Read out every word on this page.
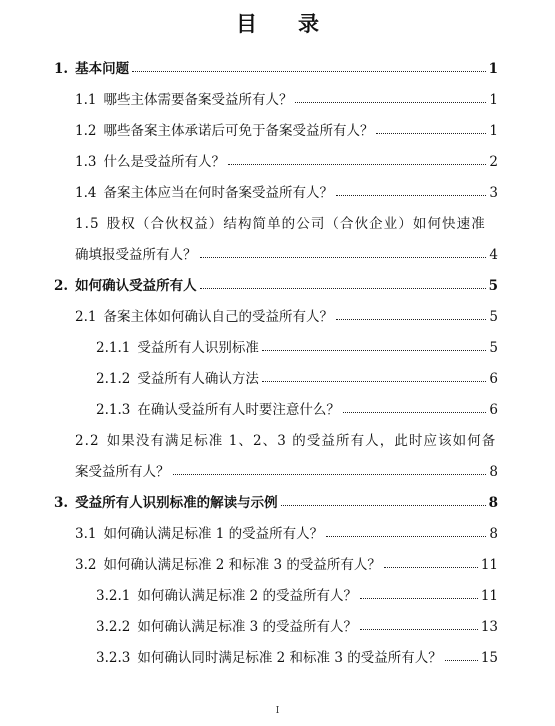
目 录
1. 基本问题	1
1.1 哪些主体需要备案受益所有人？	1
1.2 哪些备案主体承诺后可免于备案受益所有人？	1
1.3 什么是受益所有人？	2
1.4 备案主体应当在何时备案受益所有人？	3
1.5 股权（合伙权益）结构简单的公司（合伙企业）如何快速准
确填报受益所有人？	4
2. 如何确认受益所有人	5
2.1 备案主体如何确认自己的受益所有人？	5
2.1.1 受益所有人识别标准	5
2.1.2 受益所有人确认方法	6
2.1.3 在确认受益所有人时要注意什么？	6
2.2 如果没有满足标准 1、2、3 的受益所有人，此时应该如何备
案受益所有人？	8
3. 受益所有人识别标准的解读与示例	8
3.1 如何确认满足标准 1 的受益所有人？	8
3.2 如何确认满足标准 2 和标准 3 的受益所有人？	11
3.2.1 如何确认满足标准 2 的受益所有人？	11
3.2.2 如何确认满足标准 3 的受益所有人？	13
3.2.3 如何确认同时满足标准 2 和标准 3 的受益所有人？	15
I
